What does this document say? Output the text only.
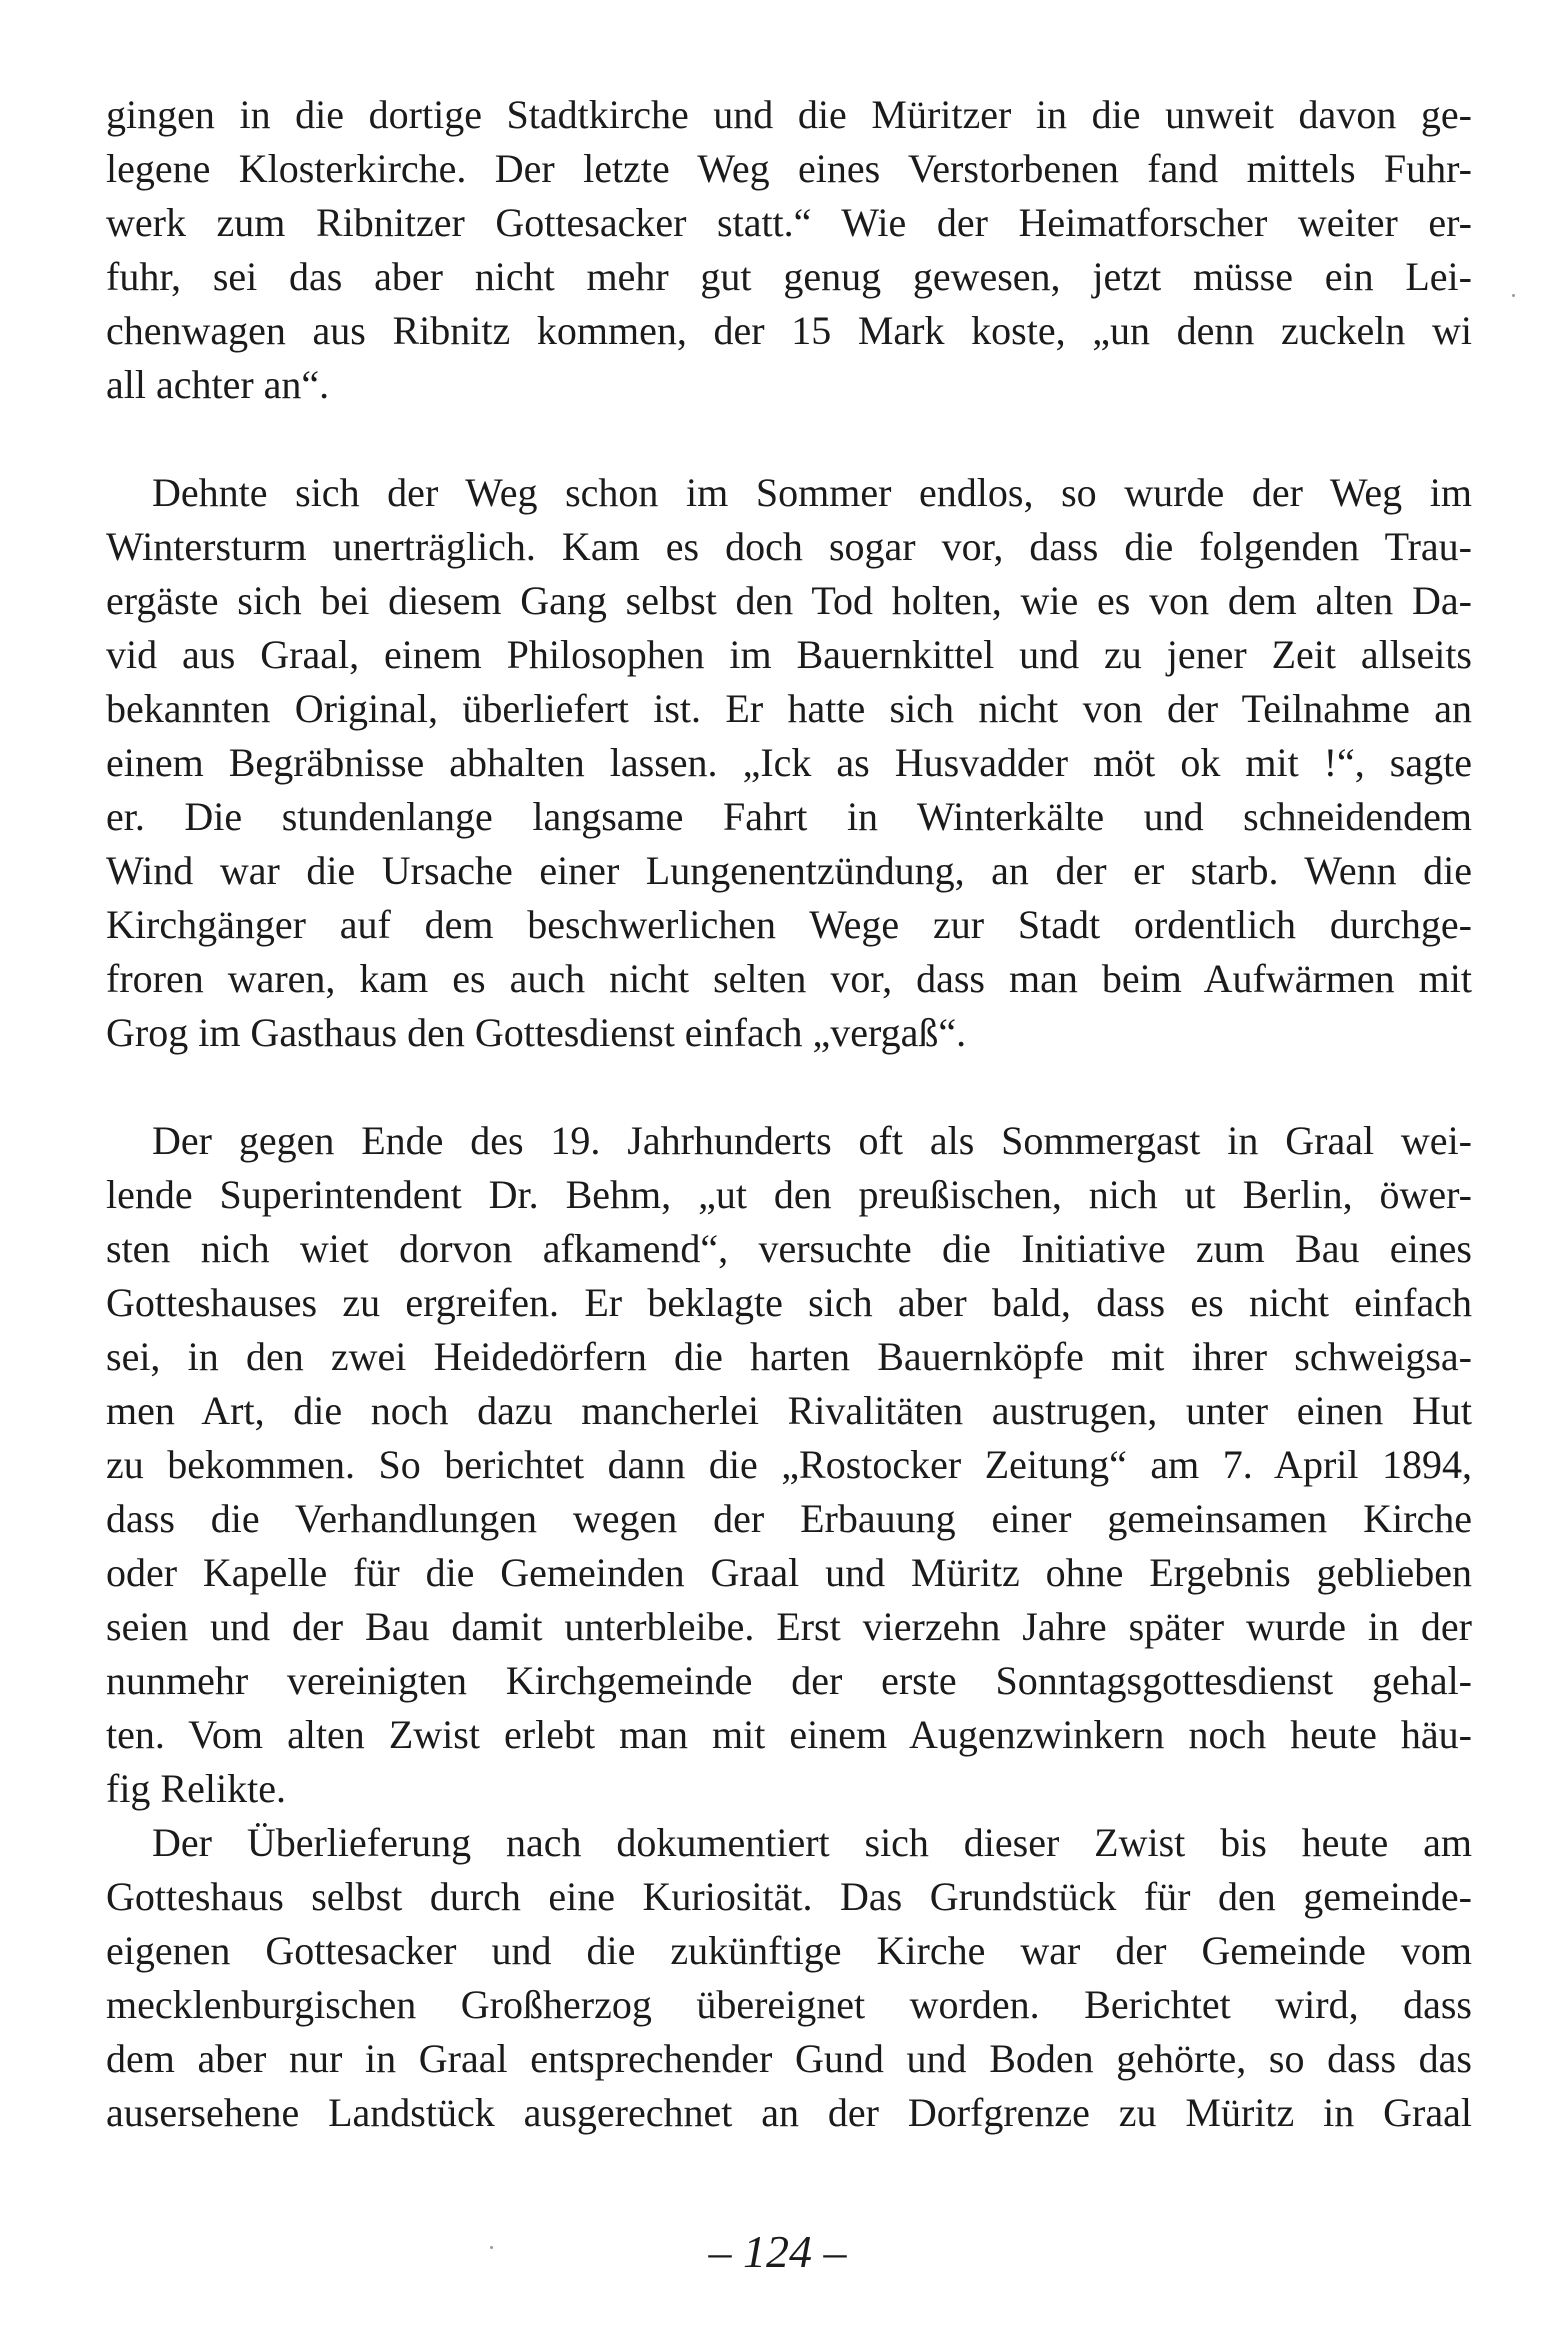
gingen in die dortige Stadtkirche und die Müritzer in die unweit davon ge-
legene Klosterkirche. Der letzte Weg eines Verstorbenen fand mittels Fuhr-
werk zum Ribnitzer Gottesacker statt.“ Wie der Heimatforscher weiter er-
fuhr, sei das aber nicht mehr gut genug gewesen, jetzt müsse ein Lei-
chenwagen aus Ribnitz kommen, der 15 Mark koste, „un denn zuckeln wi
all achter an“.
Dehnte sich der Weg schon im Sommer endlos, so wurde der Weg im
Wintersturm unerträglich. Kam es doch sogar vor, dass die folgenden Trau-
ergäste sich bei diesem Gang selbst den Tod holten, wie es von dem alten Da-
vid aus Graal, einem Philosophen im Bauernkittel und zu jener Zeit allseits
bekannten Original, überliefert ist. Er hatte sich nicht von der Teilnahme an
einem Begräbnisse abhalten lassen. „Ick as Husvadder möt ok mit !“, sagte
er. Die stundenlange langsame Fahrt in Winterkälte und schneidendem
Wind war die Ursache einer Lungenentzündung, an der er starb. Wenn die
Kirchgänger auf dem beschwerlichen Wege zur Stadt ordentlich durchge-
froren waren, kam es auch nicht selten vor, dass man beim Aufwärmen mit
Grog im Gasthaus den Gottesdienst einfach „vergaß“.
Der gegen Ende des 19. Jahrhunderts oft als Sommergast in Graal wei-
lende Superintendent Dr. Behm, „ut den preußischen, nich ut Berlin, öwer-
sten nich wiet dorvon afkamend“, versuchte die Initiative zum Bau eines
Gotteshauses zu ergreifen. Er beklagte sich aber bald, dass es nicht einfach
sei, in den zwei Heidedörfern die harten Bauernköpfe mit ihrer schweigsa-
men Art, die noch dazu mancherlei Rivalitäten austrugen, unter einen Hut
zu bekommen. So berichtet dann die „Rostocker Zeitung“ am 7. April 1894,
dass die Verhandlungen wegen der Erbauung einer gemeinsamen Kirche
oder Kapelle für die Gemeinden Graal und Müritz ohne Ergebnis geblieben
seien und der Bau damit unterbleibe. Erst vierzehn Jahre später wurde in der
nunmehr vereinigten Kirchgemeinde der erste Sonntagsgottesdienst gehal-
ten. Vom alten Zwist erlebt man mit einem Augenzwinkern noch heute häu-
fig Relikte.
Der Überlieferung nach dokumentiert sich dieser Zwist bis heute am
Gotteshaus selbst durch eine Kuriosität. Das Grundstück für den gemeinde-
eigenen Gottesacker und die zukünftige Kirche war der Gemeinde vom
mecklenburgischen Großherzog übereignet worden. Berichtet wird, dass
dem aber nur in Graal entsprechender Gund und Boden gehörte, so dass das
ausersehene Landstück ausgerechnet an der Dorfgrenze zu Müritz in Graal
– 124 –
